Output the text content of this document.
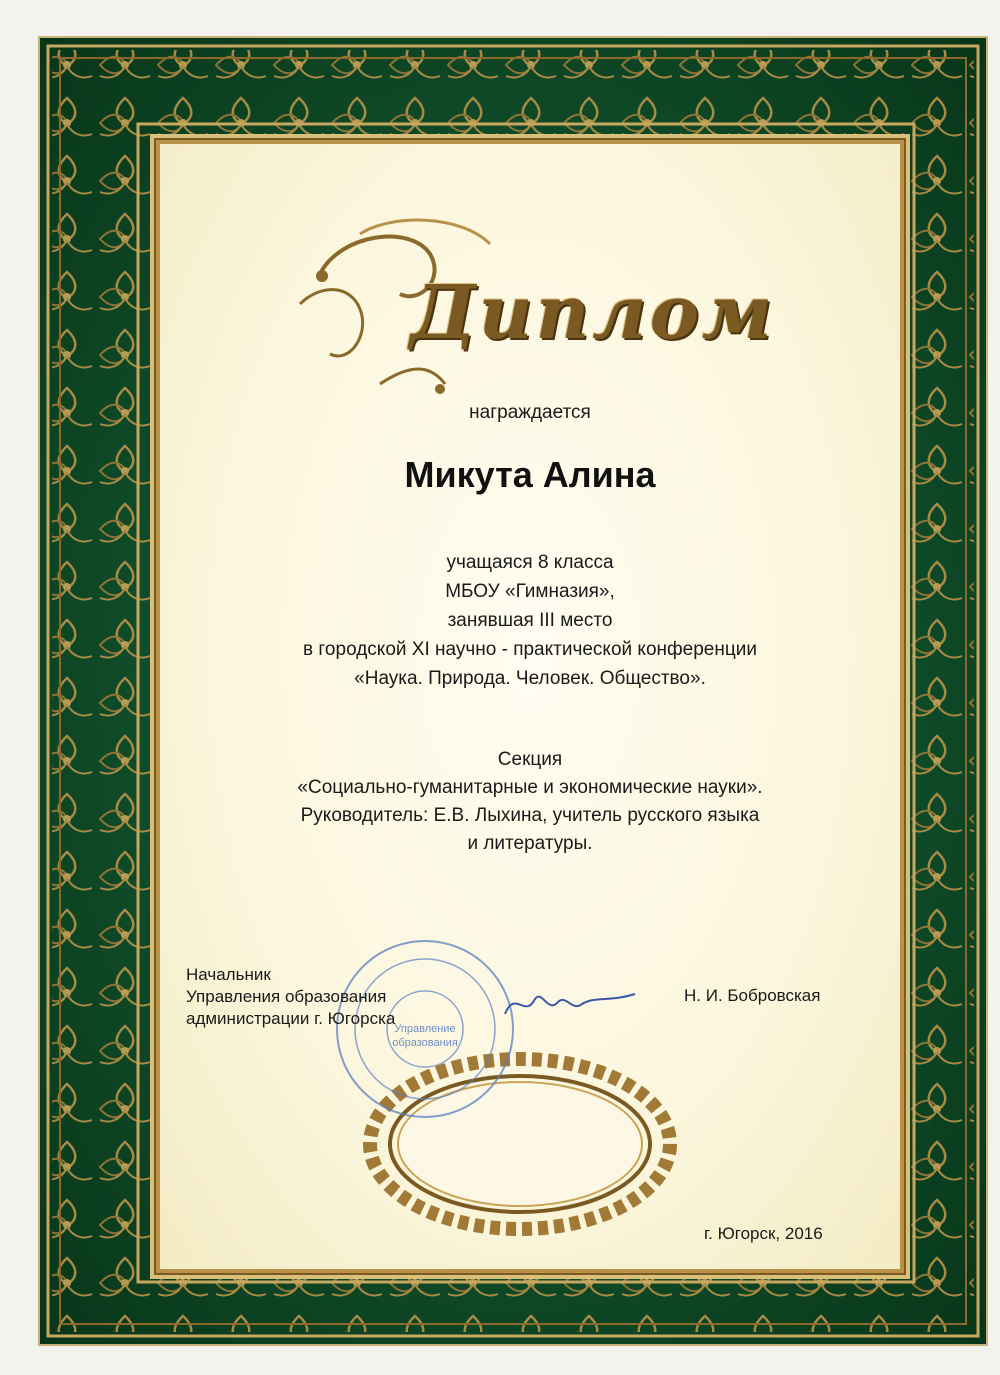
Диплом
награждается
Микута Алина
учащаяся 8 класса
МБОУ «Гимназия»,
занявшая III место
в городской XI научно - практической конференции
«Наука. Природа. Человек. Общество».
Секция
«Социально-гуманитарные и экономические науки».
Руководитель: Е.В. Лыхина, учитель русского языка
и литературы.
Управление
образования
Начальник
Управления образования
администрации г. Югорска
Н. И. Бобровская
г. Югорск, 2016
